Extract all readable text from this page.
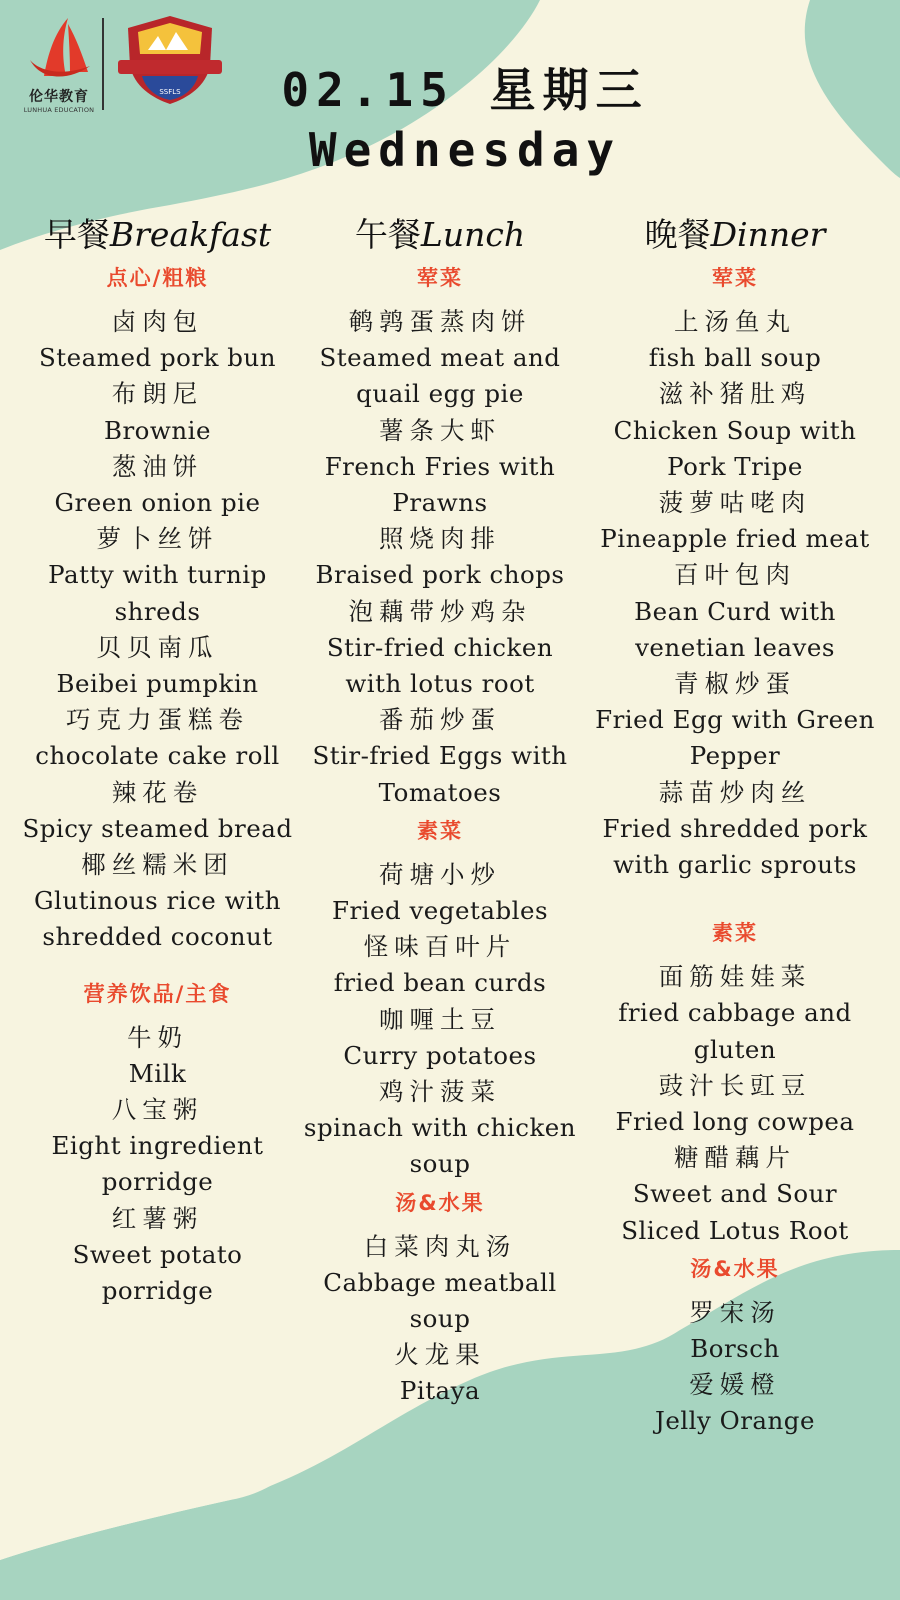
伦华教育
LUNHUA EDUCATION
SSFLS	02.15 星期三
Wednesday
早餐Breakfast
点心/粗粮
卤肉包
Steamed pork bun
布朗尼
Brownie
葱油饼
Green onion pie
萝卜丝饼
Patty with turnip
shreds
贝贝南瓜
Beibei pumpkin
巧克力蛋糕卷
chocolate cake roll
辣花卷
Spicy steamed bread
椰丝糯米团
Glutinous rice with
shredded coconut
营养饮品/主食
牛奶
Milk
八宝粥
Eight ingredient
porridge
红薯粥
Sweet potato
porridge
午餐Lunch
荤菜
鹌鹑蛋蒸肉饼
Steamed meat and
quail egg pie
薯条大虾
French Fries with
Prawns
照烧肉排
Braised pork chops
泡藕带炒鸡杂
Stir-fried chicken
with lotus root
番茄炒蛋
Stir-fried Eggs with
Tomatoes
素菜
荷塘小炒
Fried vegetables
怪味百叶片
fried bean curds
咖喱土豆
Curry potatoes
鸡汁菠菜
spinach with chicken
soup
汤&水果
白菜肉丸汤
Cabbage meatball soup
火龙果
Pitaya
晚餐Dinner
荤菜
上汤鱼丸
fish ball soup
滋补猪肚鸡
Chicken Soup with
Pork Tripe
菠萝咕咾肉
Pineapple fried meat
百叶包肉
Bean Curd with
venetian leaves
青椒炒蛋
Fried Egg with Green
Pepper
蒜苗炒肉丝
Fried shredded pork
with garlic sprouts
素菜
面筋娃娃菜
fried cabbage and
gluten
豉汁长豇豆
Fried long cowpea
糖醋藕片
Sweet and Sour
Sliced Lotus Root
汤&水果
罗宋汤
Borsch
爱媛橙
Jelly Orange
